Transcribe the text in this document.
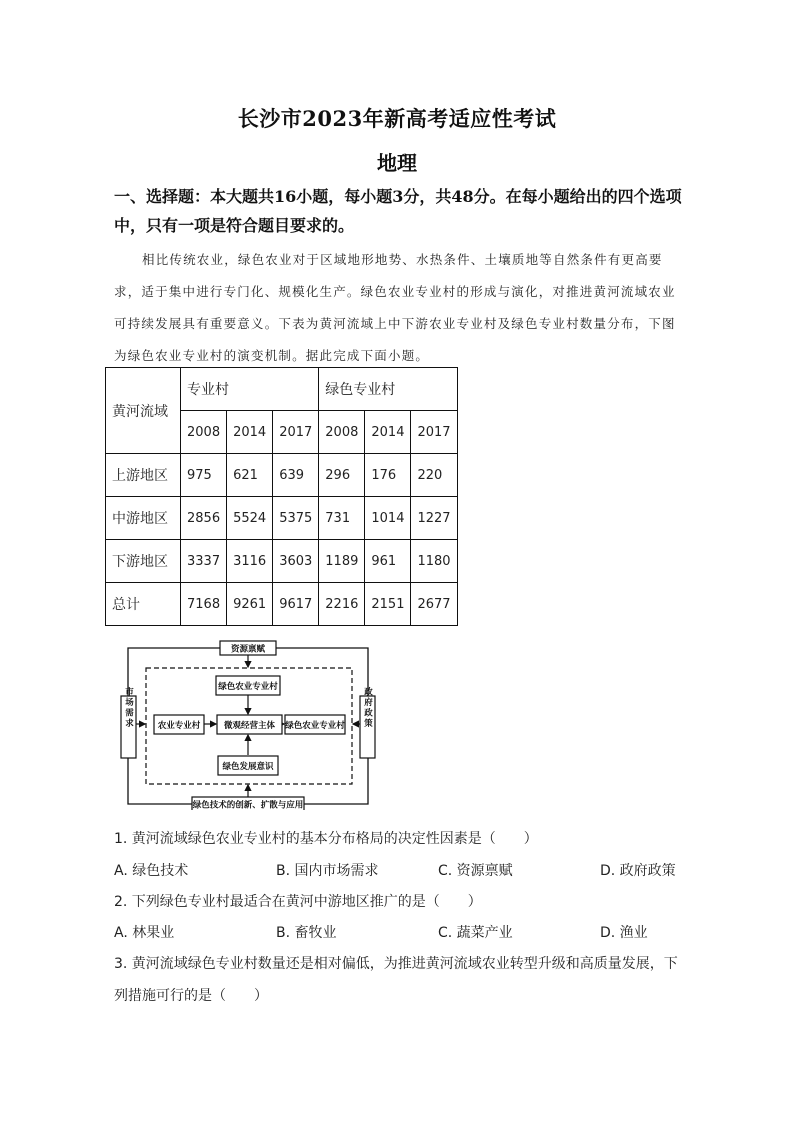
长沙市2023年新高考适应性考试
地理
一、选择题：本大题共16小题，每小题3分，共48分。在每小题给出的四个选项中，只有一项是符合题目要求的。
相比传统农业，绿色农业对于区域地形地势、水热条件、土壤质地等自然条件有更高要求，适于集中进行专门化、规模化生产。绿色农业专业村的形成与演化，对推进黄河流域农业可持续发展具有重要意义。下表为黄河流域上中下游农业专业村及绿色专业村数量分布，下图为绿色农业专业村的演变机制。据此完成下面小题。
黄河流域	专业村			绿色专业村		
	2008	2014	2017	2008	2014	2017
上游地区	975	621	639	296	176	220
中游地区	2856	5524	5375	731	1014	1227
下游地区	3337	3116	3603	1189	961	1180
总计	7168	9261	9617	2216	2151	2677
资源禀赋
绿色技术的创新、扩散与应用
市场需求	政府政策
绿色农业专业村
农业专业村	微观经营主体 绿色农业专业村
绿色发展意识
1. 黄河流域绿色农业专业村的基本分布格局的决定性因素是（　　）
A. 绿色技术	B. 国内市场需求	C. 资源禀赋	D. 政府政策
2. 下列绿色专业村最适合在黄河中游地区推广的是（　　）
A. 林果业	B. 畜牧业	C. 蔬菜产业	D. 渔业
3. 黄河流域绿色专业村数量还是相对偏低，为推进黄河流域农业转型升级和高质量发展，下
列措施可行的是（　　）
